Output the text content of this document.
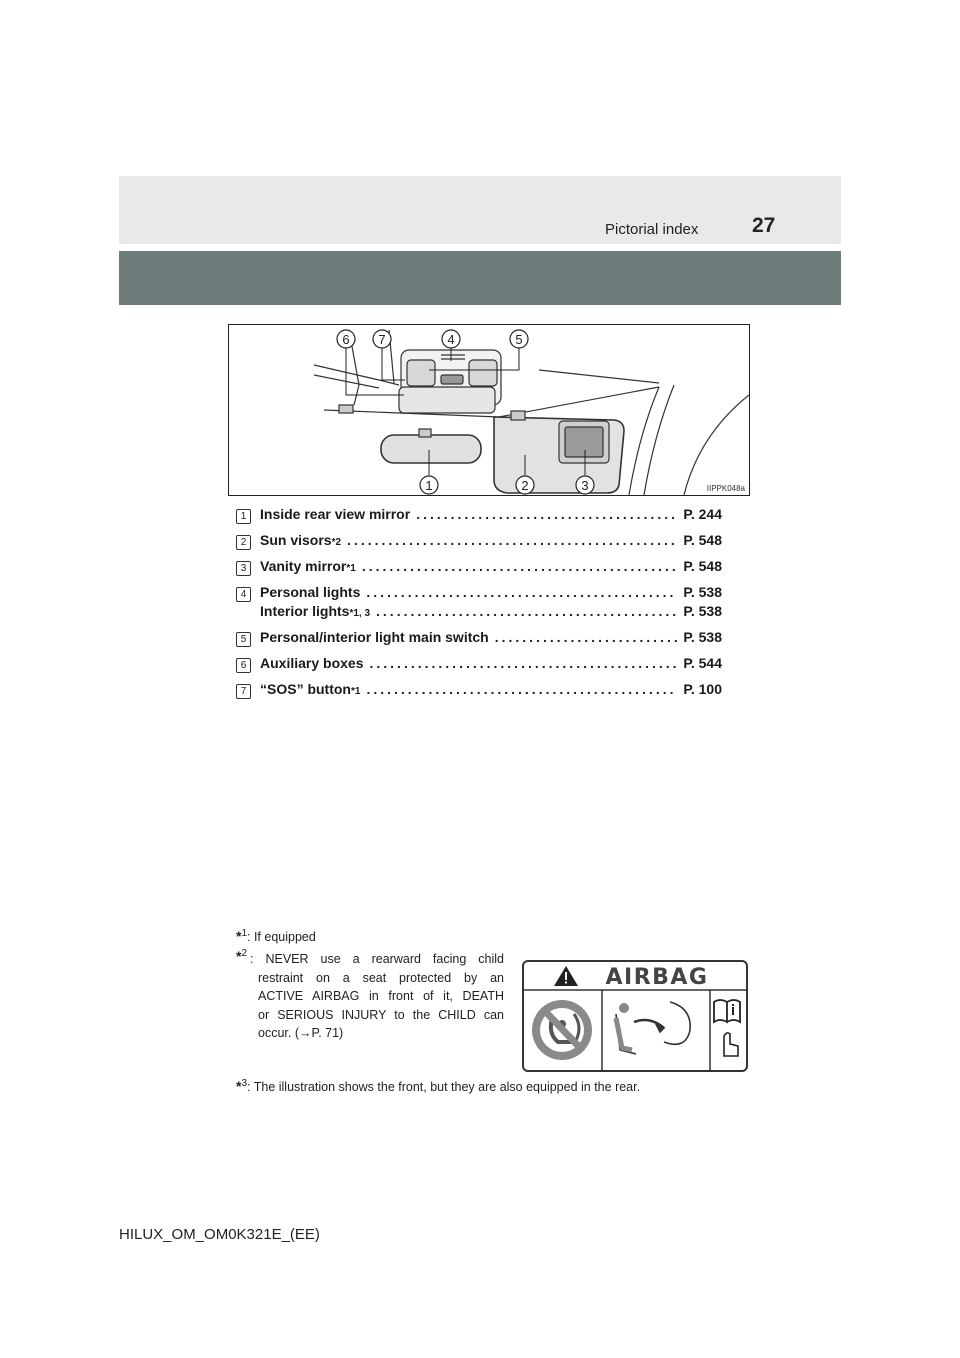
Pictorial index	27
6 7	4	5
1	2	3	IIPPK048a
1 Inside rear view mirror .....	P. 244
2 Sun visors *2 .....	P. 548
3 Vanity mirror *1 .....	P. 548
4 Personal lights .....	P. 538
Interior lights *1, 3 .....	P. 538
5 Personal/interior light main switch .....	P. 538
6 Auxiliary boxes .....	P. 544
7 “SOS” button *1 .....	P. 100
*$^1$: If equipped
*$^2$ : NEVER use a rearward facing child
restraint on a seat protected by an
ACTIVE AIRBAG in front of it, DEATH
or SERIOUS INJURY to the CHILD can
occur. (→P. 71)
*$^3$: The illustration shows the front, but they are also equipped in the rear.
AIRBAG
HILUX_OM_OM0K321E_(EE)
